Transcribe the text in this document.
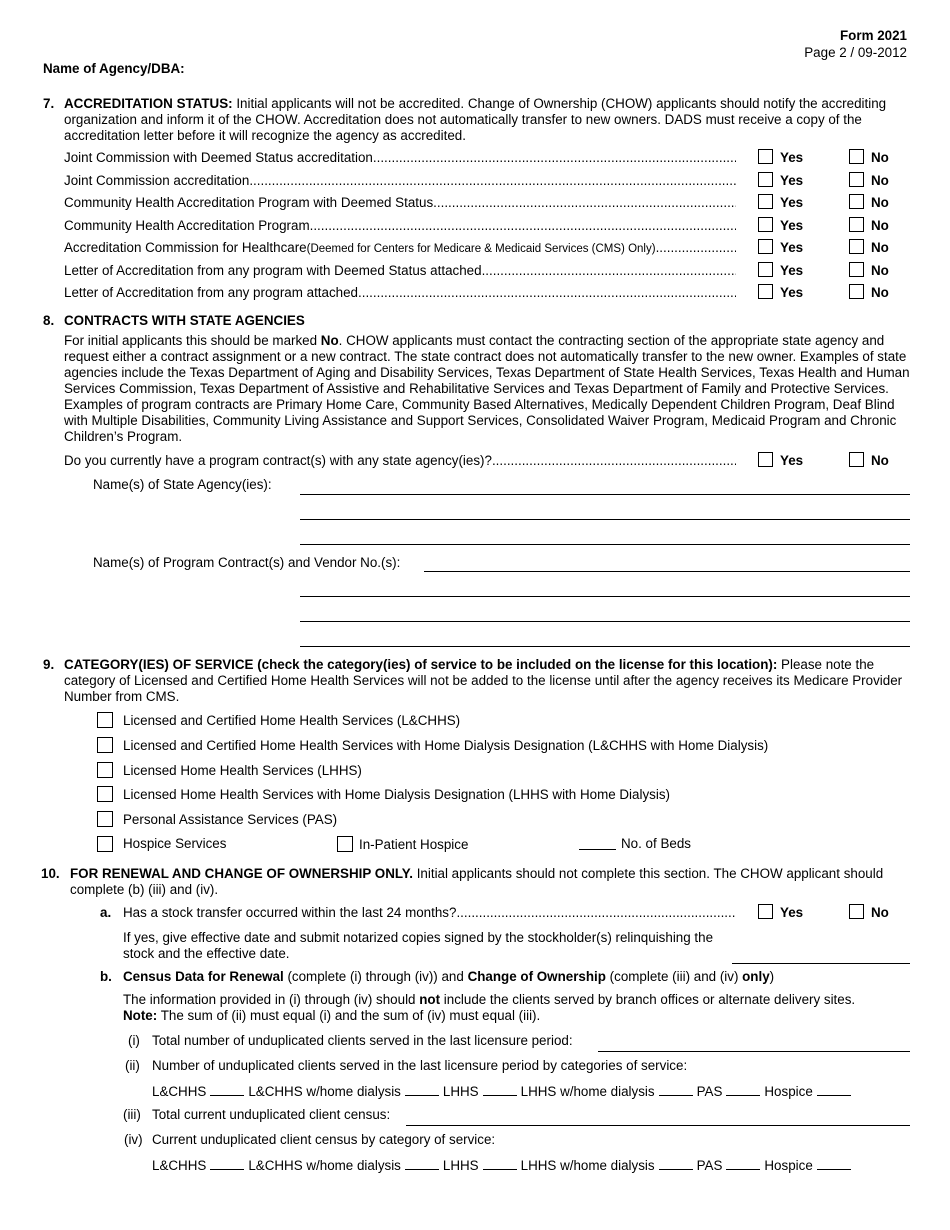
Form 2021
Page 2 / 09-2012
Name of Agency/DBA:
7. ACCREDITATION STATUS: Initial applicants will not be accredited. Change of Ownership (CHOW) applicants should notify the accrediting organization and inform it of the CHOW. Accreditation does not automatically transfer to new owners. DADS must receive a copy of the accreditation letter before it will recognize the agency as accredited.
Joint Commission with Deemed Status accreditation .....	Yes	No
Joint Commission accreditation .....	Yes	No
Community Health Accreditation Program with Deemed Status .....	Yes	No
Community Health Accreditation Program .....	Yes	No
Accreditation Commission for Healthcare (Deemed for Centers for Medicare & Medicaid Services (CMS) Only) .....	Yes	No
Letter of Accreditation from any program with Deemed Status attached .....	Yes	No
Letter of Accreditation from any program attached .....	Yes	No
8. CONTRACTS WITH STATE AGENCIES
For initial applicants this should be marked No. CHOW applicants must contact the contracting section of the appropriate state agency and request either a contract assignment or a new contract. The state contract does not automatically transfer to the new owner. Examples of state agencies include the Texas Department of Aging and Disability Services, Texas Department of State Health Services, Texas Health and Human Services Commission, Texas Department of Assistive and Rehabilitative Services and Texas Department of Family and Protective Services. Examples of program contracts are Primary Home Care, Community Based Alternatives, Medically Dependent Children Program, Deaf Blind with Multiple Disabilities, Community Living Assistance and Support Services, Consolidated Waiver Program, Medicaid Program and Chronic Children’s Program.
Do you currently have a program contract(s) with any state agency(ies)? .....	Yes	No
Name(s) of State Agency(ies):
Name(s) of Program Contract(s) and Vendor No.(s):
9. CATEGORY(IES) OF SERVICE (check the category(ies) of service to be included on the license for this location): Please note the category of Licensed and Certified Home Health Services will not be added to the license until after the agency receives its Medicare Provider Number from CMS.
Licensed and Certified Home Health Services (L&CHHS)
Licensed and Certified Home Health Services with Home Dialysis Designation (L&CHHS with Home Dialysis)
Licensed Home Health Services (LHHS)
Licensed Home Health Services with Home Dialysis Designation (LHHS with Home Dialysis)
Personal Assistance Services (PAS)
Hospice Services	In-Patient Hospice	No. of Beds
10. FOR RENEWAL AND CHANGE OF OWNERSHIP ONLY. Initial applicants should not complete this section. The CHOW applicant should complete (b) (iii) and (iv).
a. Has a stock transfer occurred within the last 24 months? .....	Yes	No
If yes, give effective date and submit notarized copies signed by the stockholder(s) relinquishing the stock and the effective date.
b. Census Data for Renewal (complete (i) through (iv)) and Change of Ownership (complete (iii) and (iv) only)
The information provided in (i) through (iv) should not include the clients served by branch offices or alternate delivery sites.
Note: The sum of (ii) must equal (i) and the sum of (iv) must equal (iii).
(i) Total number of unduplicated clients served in the last licensure period:
(ii) Number of unduplicated clients served in the last licensure period by categories of service:
L&CHHS	L&CHHS w/home dialysis	LHHS	LHHS w/home dialysis	PAS	Hospice
(iii) Total current unduplicated client census:
(iv) Current unduplicated client census by category of service:
L&CHHS	L&CHHS w/home dialysis	LHHS	LHHS w/home dialysis	PAS	Hospice
